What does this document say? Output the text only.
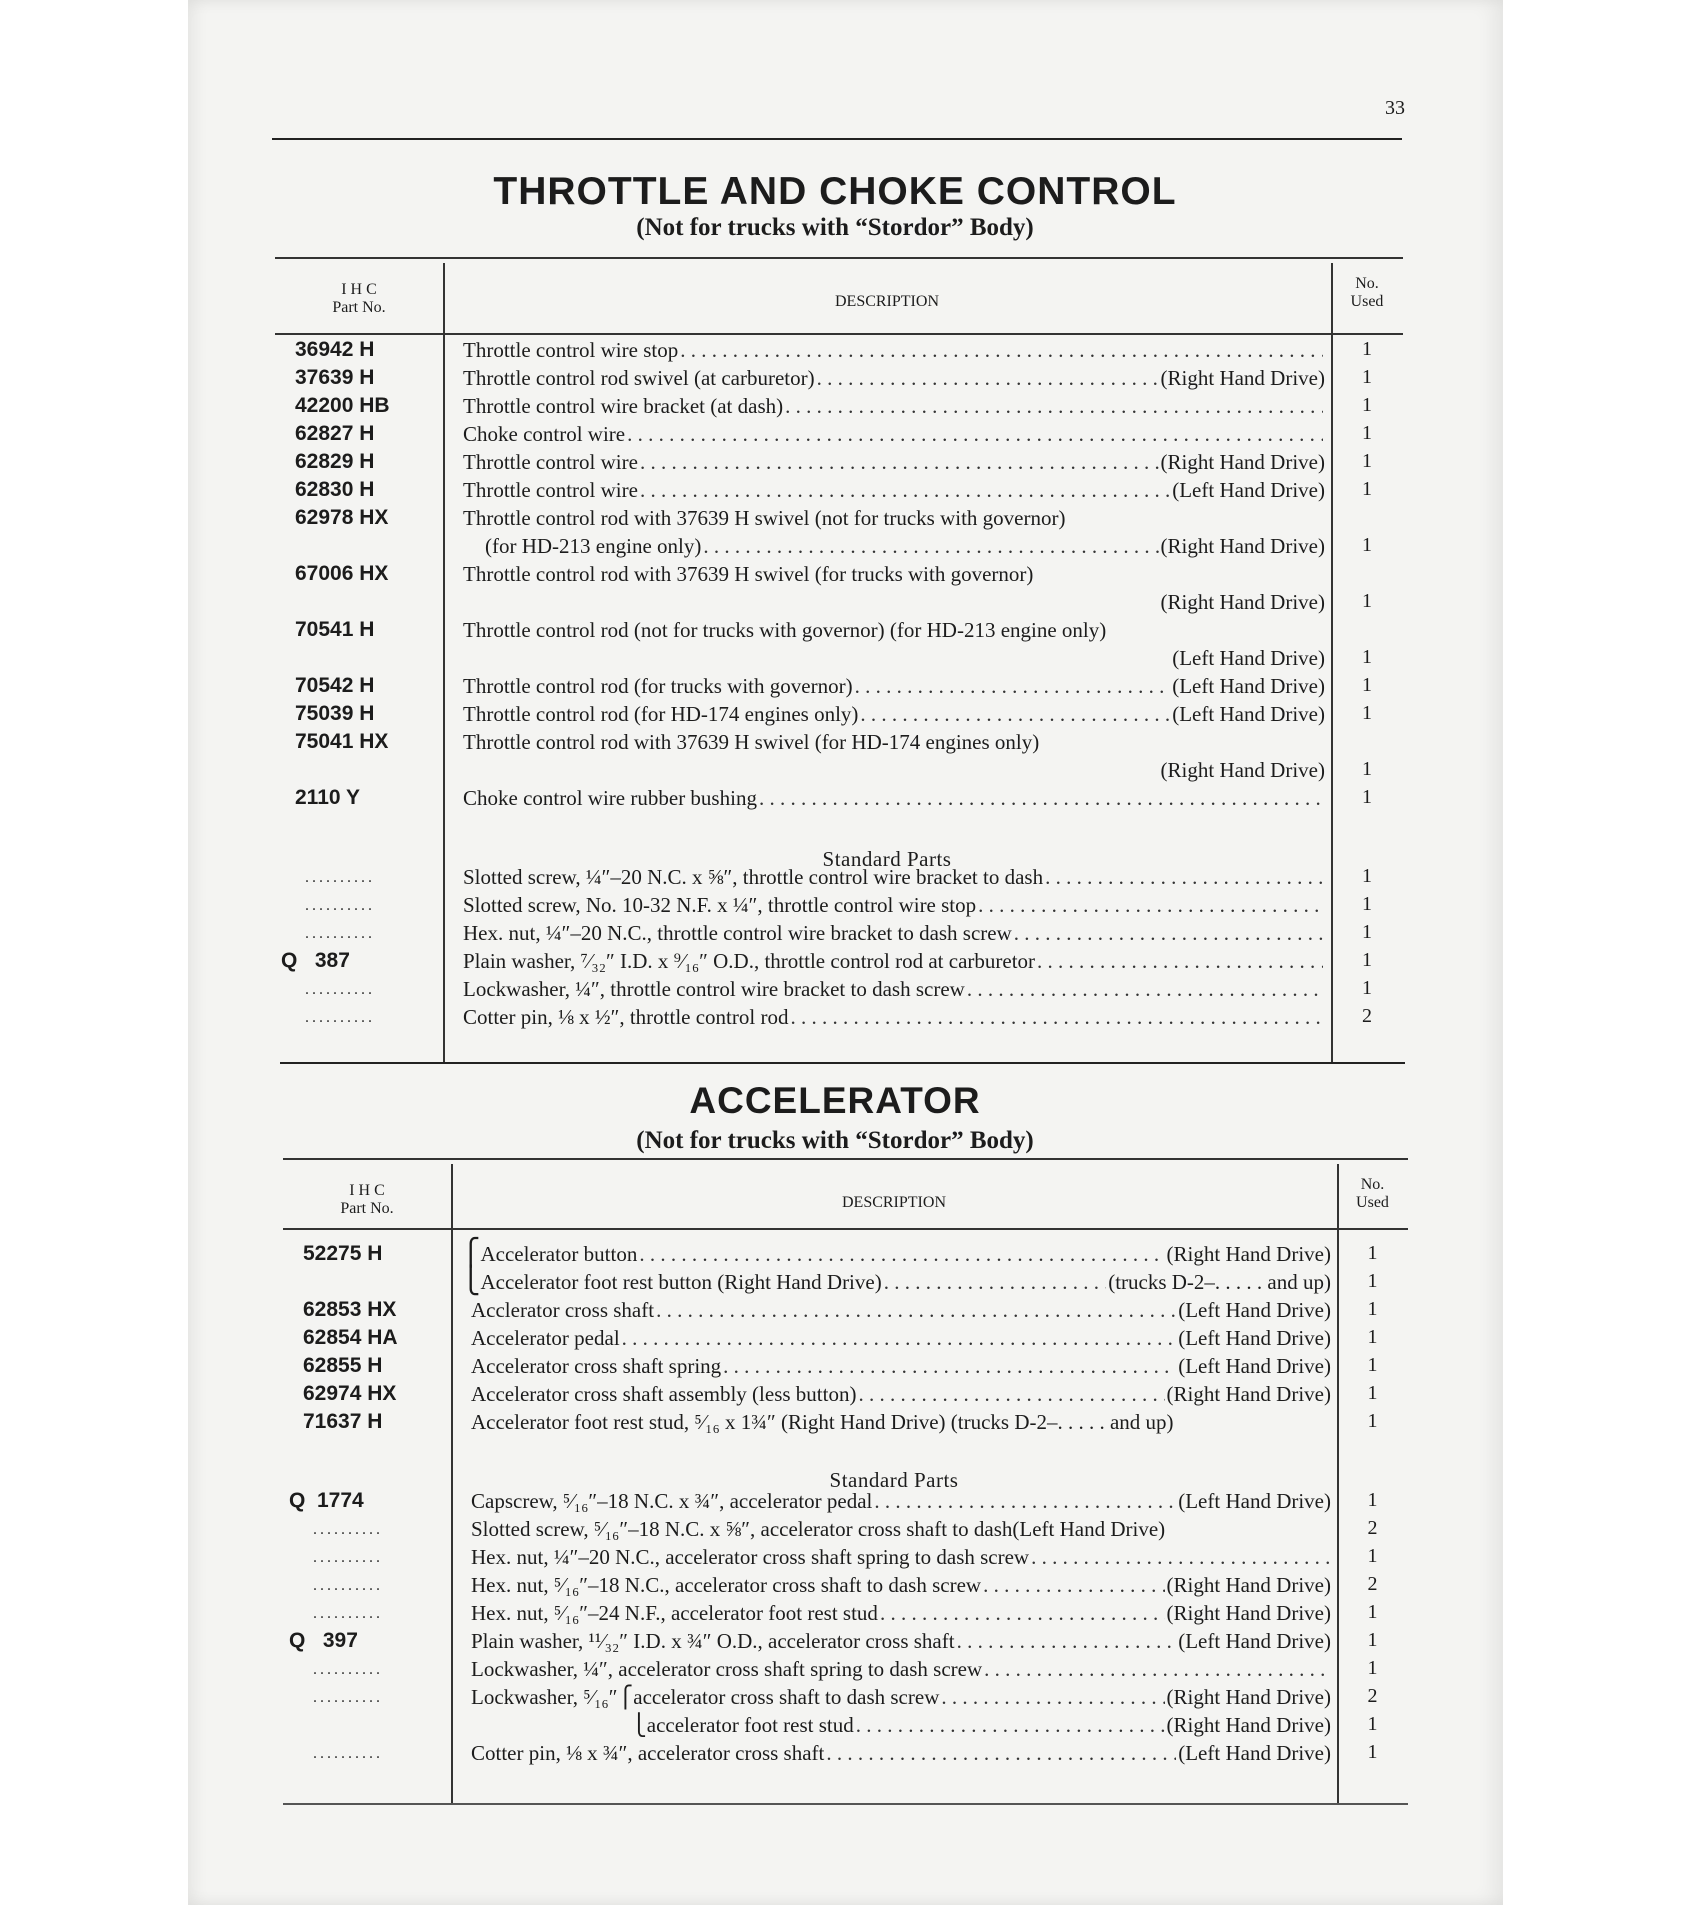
33
THROTTLE AND CHOKE CONTROL
(Not for trucks with “Stordor” Body)
I H C
Part No.	DESCRIPTION
No.
Used
36942 H	Throttle control wire stop . . .	1
37639 H	Throttle control rod swivel (at carburetor) . . .	(Right Hand Drive)	1
42200 HB	Throttle control wire bracket (at dash) . . .	1
62827 H	Choke control wire . . .	1
62829 H	Throttle control wire . . .	(Right Hand Drive)	1
62830 H	Throttle control wire . . .	(Left Hand Drive)	1
62978 HX	Throttle control rod with 37639 H swivel (not for trucks with governor)
(for HD-213 engine only) . . .	(Right Hand Drive)	1
67006 HX	Throttle control rod with 37639 H swivel (for trucks with governor)
(Right Hand Drive)	1
70541 H	Throttle control rod (not for trucks with governor) (for HD-213 engine only)
(Left Hand Drive)	1
70542 H	Throttle control rod (for trucks with governor) . . .	(Left Hand Drive)	1
75039 H	Throttle control rod (for HD-174 engines only) . . .	(Left Hand Drive)	1
75041 HX	Throttle control rod with 37639 H swivel (for HD-174 engines only)
(Right Hand Drive)	1
2110 Y	Choke control wire rubber bushing . . .	1
Standard Parts
..........	Slotted screw, ¼″–20 N.C. x ⅝″, throttle control wire bracket to dash . . .	1
..........	Slotted screw, No. 10-32 N.F. x ¼″, throttle control wire stop . . .	1
..........	Hex. nut, ¼″–20 N.C., throttle control wire bracket to dash screw . . .	1
Q   387	Plain washer, ⁷⁄₃₂″ I.D. x ⁹⁄₁₆″ O.D., throttle control rod at carburetor . . .	1
..........	Lockwasher, ¼″, throttle control wire bracket to dash screw . . .	1
..........	Cotter pin, ⅛ x ½″, throttle control rod . . .	2
ACCELERATOR
(Not for trucks with “Stordor” Body)
I H C
Part No.	DESCRIPTION
No.
Used
52275 H	⎧ Accelerator button . . .	(Right Hand Drive)	1
⎩ Accelerator foot rest button (Right Hand Drive) . . .	(trucks D-2–. . . . . and up)	1
62853 HX	Acclerator cross shaft . . .	(Left Hand Drive)	1
62854 HA	Accelerator pedal . . .	(Left Hand Drive)	1
62855 H	Accelerator cross shaft spring . . .	(Left Hand Drive)	1
62974 HX	Accelerator cross shaft assembly (less button) . . .	(Right Hand Drive)	1
71637 H	Accelerator foot rest stud, ⁵⁄₁₆ x 1¾″ (Right Hand Drive) (trucks D-2–. . . . . and up)	1
Standard Parts
Q  1774	Capscrew, ⁵⁄₁₆″–18 N.C. x ¾″, accelerator pedal . . .	(Left Hand Drive)	1
..........	Slotted screw, ⁵⁄₁₆″–18 N.C. x ⅝″, accelerator cross shaft to dash(Left Hand Drive)	2
..........	Hex. nut, ¼″–20 N.C., accelerator cross shaft spring to dash screw . . .	1
..........	Hex. nut, ⁵⁄₁₆″–18 N.C., accelerator cross shaft to dash screw . . .	(Right Hand Drive)	2
..........	Hex. nut, ⁵⁄₁₆″–24 N.F., accelerator foot rest stud . . .	(Right Hand Drive)	1
Q   397	Plain washer, ¹¹⁄₃₂″ I.D. x ¾″ O.D., accelerator cross shaft . . .	(Left Hand Drive)	1
..........	Lockwasher, ¼″, accelerator cross shaft spring to dash screw . . .	1
..........	Lockwasher, ⁵⁄₁₆″⎧accelerator cross shaft to dash screw . . .	(Right Hand Drive)	2
⎩accelerator foot rest stud . . .	(Right Hand Drive)	1
..........	Cotter pin, ⅛ x ¾″, accelerator cross shaft . . .	(Left Hand Drive)	1
